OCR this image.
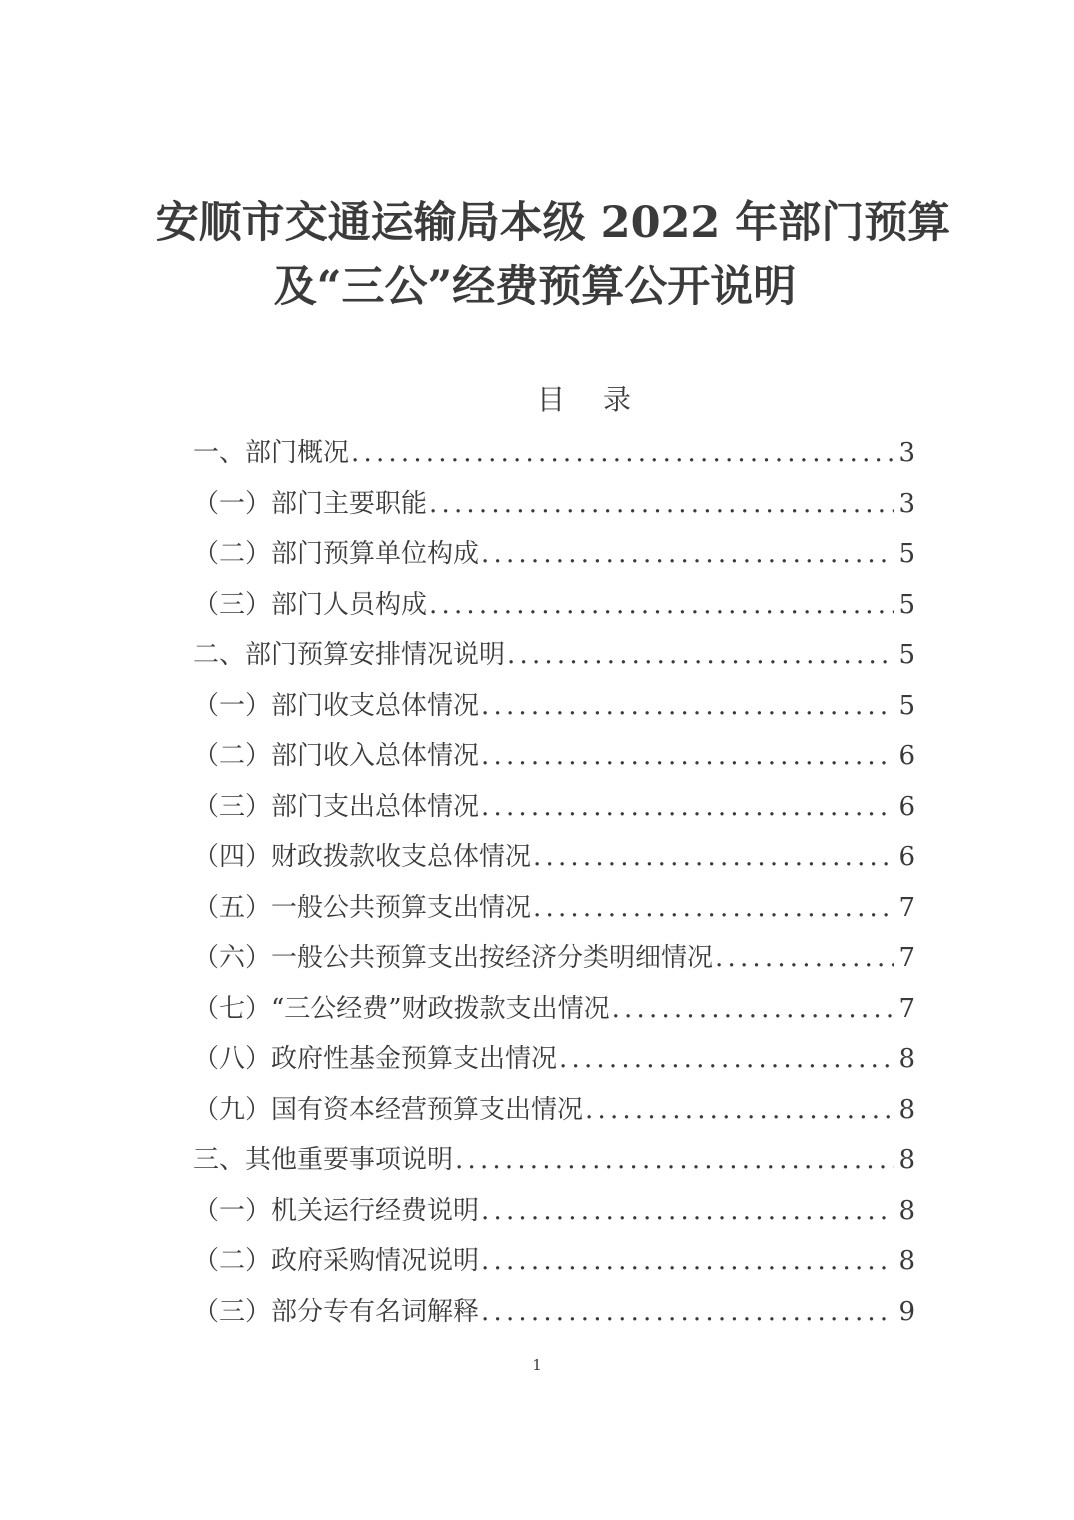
安顺市交通运输局本级 2022 年部门预算
及“三公”经费预算公开说明
目录
一、部门概况 .....	3
（一）部门主要职能 .....	3
（二）部门预算单位构成 .....	5
（三）部门人员构成 .....	5
二、部门预算安排情况说明 .....	5
（一）部门收支总体情况 .....	5
（二）部门收入总体情况 .....	6
（三）部门支出总体情况 .....	6
（四）财政拨款收支总体情况 .....	6
（五）一般公共预算支出情况 .....	7
（六）一般公共预算支出按经济分类明细情况 .....	7
（七）“三公经费”财政拨款支出情况 .....	7
（八）政府性基金预算支出情况 .....	8
（九）国有资本经营预算支出情况 .....	8
三、其他重要事项说明 .....	8
（一）机关运行经费说明 .....	8
（二）政府采购情况说明 .....	8
（三）部分专有名词解释 .....	9
1
